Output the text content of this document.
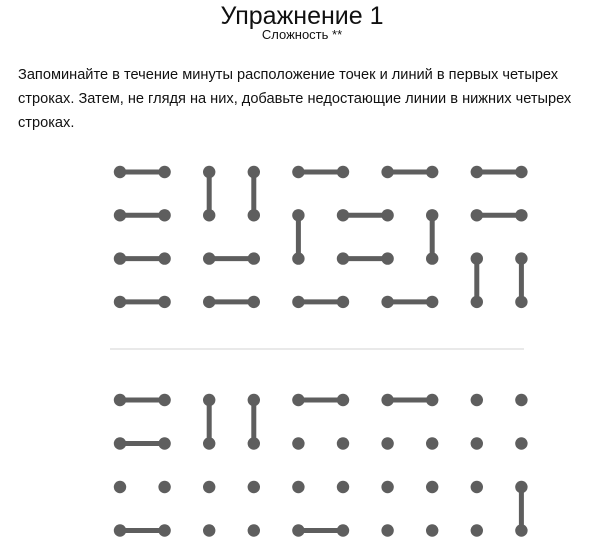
Упражнение 1
Сложность **

Запоминайте в течение минуты расположение точек и линий в первых четырех строках. Затем, не глядя на них, добавьте недостающие линии в нижних четырех строках.
